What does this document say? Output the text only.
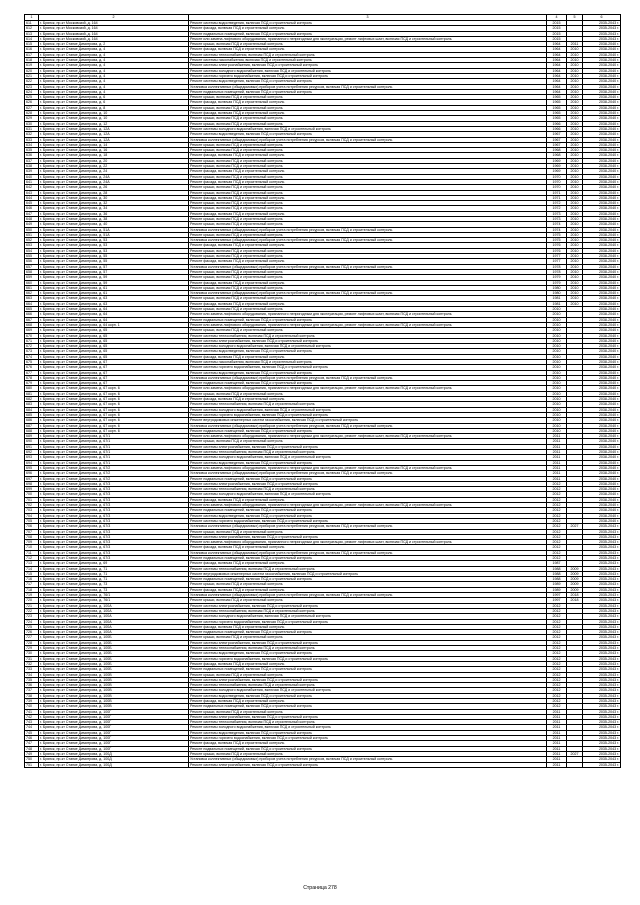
1	2	3	4	5	6
611	г. Брянск, пр-кт Московский, д. 164	Ремонт системы водоотведения, включая ПСД и строительный контроль	2015		2035-2043 г.
612	г. Брянск, пр-кт Московский, д. 164	Ремонт фасада, включая ПСД и строительный контроль	2015		2035-2043 г.
613	г. Брянск, пр-кт Московский, д. 164	Ремонт подвальных помещений, включая ПСД и строительный контроль	2015		2035-2043 г.
614	г. Брянск, пр-кт Московский, д. 164	Ремонт или замена лифтового оборудования, признанного непригодным для эксплуатации, ремонт лифтовых шахт, включая ПСД и строительный контроль	2015		2035-2043 г.
615	г. Брянск, пр-кт Станке Димитрова, д. 2	Ремонт крыши, включая ПСД и строительный контроль	1964	2011	2038-2040 г.
616	г. Брянск, пр-кт Станке Димитрова, д. 4	Ремонт фасада, включая ПСД и строительный контроль	1964	2010	2038-2040 г.
617	г. Брянск, пр-кт Станке Димитрова, д. 4	Ремонт системы теплоснабжения, включая ПСД и строительный контроль	1964	2010	2038-2040 г.
618	г. Брянск, пр-кт Станке Димитрова, д. 4	Ремонт системы газоснабжения, включая ПСД и строительный контроль	1964	2010	2038-2040 г.
619	г. Брянск, пр-кт Станке Димитрова, д. 4	Ремонт системы электроснабжения, включая ПСД и строительный контроль	1964	2010	2038-2040 г.
620	г. Брянск, пр-кт Станке Димитрова, д. 4	Ремонт системы холодного водоснабжения, включая ПСД и строительный контроль	1964	2010	2038-2040 г.
621	г. Брянск, пр-кт Станке Димитрова, д. 4	Ремонт системы горячего водоснабжения, включая ПСД и строительный контроль	1964	2010	2038-2040 г.
622	г. Брянск, пр-кт Станке Димитрова, д. 4	Ремонт системы водоотведения, включая ПСД и строительный контроль	1964	2010	2038-2040 г.
623	г. Брянск, пр-кт Станке Димитрова, д. 4	Установка коллективных (общедомовых) приборов учета потребления ресурсов, включая ПСД и строительный контроль	1964	2010	2038-2040 г.
624	г. Брянск, пр-кт Станке Димитрова, д. 4	Ремонт подвальных помещений, включая ПСД и строительный контроль	1964	2010	2038-2040 г.
625	г. Брянск, пр-кт Станке Димитрова, д. 6	Ремонт крыши, включая ПСД и строительный контроль	1965	2010	2038-2040 г.
626	г. Брянск, пр-кт Станке Димитрова, д. 6	Ремонт фасада, включая ПСД и строительный контроль	1965	2010	2038-2040 г.
627	г. Брянск, пр-кт Станке Димитрова, д. 8	Ремонт крыши, включая ПСД и строительный контроль	1965	2010	2038-2040 г.
628	г. Брянск, пр-кт Станке Димитрова, д. 10	Ремонт фасада, включая ПСД и строительный контроль	1965	2010	2038-2040 г.
629	г. Брянск, пр-кт Станке Димитрова, д. 10	Ремонт крыши, включая ПСД и строительный контроль	1965	2010	2038-2040 г.
630	г. Брянск, пр-кт Станке Димитрова, д. 12	Ремонт крыши, включая ПСД и строительный контроль	1966	2010	2038-2040 г.
631	г. Брянск, пр-кт Станке Димитрова, д. 12А	Ремонт системы холодного водоснабжения, включая ПСД и строительный контроль	1966	2010	2038-2040 г.
632	г. Брянск, пр-кт Станке Димитрова, д. 12А	Ремонт системы водоотведения, включая ПСД и строительный контроль	1967	2010	2038-2040 г.
633	г. Брянск, пр-кт Станке Димитрова, д. 12А	Установка коллективных (общедомовых) приборов учета потребления ресурсов, включая ПСД и строительный контроль	1967	2010	2038-2040 г.
634	г. Брянск, пр-кт Станке Димитрова, д. 14	Ремонт крыши, включая ПСД и строительный контроль	1967	2010	2038-2040 г.
635	г. Брянск, пр-кт Станке Димитрова, д. 16	Ремонт крыши, включая ПСД и строительный контроль	1968	2010	2038-2040 г.
636	г. Брянск, пр-кт Станке Димитрова, д. 18	Ремонт фасада, включая ПСД и строительный контроль	1968	2010	2038-2040 г.
637	г. Брянск, пр-кт Станке Димитрова, д. 20	Ремонт крыши, включая ПСД и строительный контроль	1969	2010	2038-2040 г.
638	г. Брянск, пр-кт Станке Димитрова, д. 22	Ремонт крыши, включая ПСД и строительный контроль	1969	2010	2038-2040 г.
639	г. Брянск, пр-кт Станке Димитрова, д. 24	Ремонт фасада, включая ПСД и строительный контроль	1969	2010	2038-2040 г.
640	г. Брянск, пр-кт Станке Димитрова, д. 24А	Ремонт крыши, включая ПСД и строительный контроль	1970	2010	2038-2040 г.
641	г. Брянск, пр-кт Станке Димитрова, д. 24А	Ремонт фасада, включая ПСД и строительный контроль	1970	2010	2038-2040 г.
642	г. Брянск, пр-кт Станке Димитрова, д. 26	Ремонт крыши, включая ПСД и строительный контроль	1970	2010	2038-2040 г.
643	г. Брянск, пр-кт Станке Димитрова, д. 28	Ремонт крыши, включая ПСД и строительный контроль	1971	2010	2038-2040 г.
644	г. Брянск, пр-кт Станке Димитрова, д. 30	Ремонт фасада, включая ПСД и строительный контроль	1971	2010	2038-2040 г.
645	г. Брянск, пр-кт Станке Димитрова, д. 32	Ремонт крыши, включая ПСД и строительный контроль	1972	2010	2038-2040 г.
646	г. Брянск, пр-кт Станке Димитрова, д. 34	Ремонт крыши, включая ПСД и строительный контроль	1972	2010	2038-2040 г.
647	г. Брянск, пр-кт Станке Димитрова, д. 36	Ремонт фасада, включая ПСД и строительный контроль	1973	2010	2038-2040 г.
648	г. Брянск, пр-кт Станке Димитрова, д. 38	Ремонт крыши, включая ПСД и строительный контроль	1973	2010	2038-2040 г.
649	г. Брянск, пр-кт Станке Димитрова, д. 40	Ремонт крыши, включая ПСД и строительный контроль	1974	2010	2038-2040 г.
650	г. Брянск, пр-кт Станке Димитрова, д. 51А	Установка коллективных (общедомовых) приборов учета потребления ресурсов, включая ПСД и строительный контроль	1974	2010	2038-2040 г.
651	г. Брянск, пр-кт Станке Димитрова, д. 51А	Ремонт крыши, включая ПСД и строительный контроль	1975	2010	2038-2040 г.
652	г. Брянск, пр-кт Станке Димитрова, д. 53	Установка коллективных (общедомовых) приборов учета потребления ресурсов, включая ПСД и строительный контроль	1975	2010	2038-2040 г.
653	г. Брянск, пр-кт Станке Димитрова, д. 53	Ремонт фасада, включая ПСД и строительный контроль	1976	2010	2038-2040 г.
654	г. Брянск, пр-кт Станке Димитрова, д. 53	Ремонт крыши, включая ПСД и строительный контроль	1976	2010	2038-2040 г.
655	г. Брянск, пр-кт Станке Димитрова, д. 55	Ремонт крыши, включая ПСД и строительный контроль	1977	2010	2038-2040 г.
656	г. Брянск, пр-кт Станке Димитрова, д. 55	Ремонт фасада, включая ПСД и строительный контроль	1977	2010	2038-2040 г.
657	г. Брянск, пр-кт Станке Димитрова, д. 57	Установка коллективных (общедомовых) приборов учета потребления ресурсов, включая ПСД и строительный контроль	1978	2010	2038-2040 г.
658	г. Брянск, пр-кт Станке Димитрова, д. 57	Ремонт крыши, включая ПСД и строительный контроль	1978	2010	2038-2040 г.
659	г. Брянск, пр-кт Станке Димитрова, д. 59	Ремонт крыши, включая ПСД и строительный контроль	1979	2010	2038-2040 г.
660	г. Брянск, пр-кт Станке Димитрова, д. 59	Ремонт фасада, включая ПСД и строительный контроль	1979	2010	2038-2040 г.
661	г. Брянск, пр-кт Станке Димитрова, д. 61	Ремонт крыши, включая ПСД и строительный контроль	1980	2010	2038-2040 г.
662	г. Брянск, пр-кт Станке Димитрова, д. 61	Установка коллективных (общедомовых) приборов учета потребления ресурсов, включая ПСД и строительный контроль	1980	2010	2038-2040 г.
663	г. Брянск, пр-кт Станке Димитрова, д. 63	Ремонт крыши, включая ПСД и строительный контроль	1981	2010	2038-2040 г.
664	г. Брянск, пр-кт Станке Димитрова, д. 63	Ремонт фасада, включая ПСД и строительный контроль	1981	2010	2038-2040 г.
665	г. Брянск, пр-кт Станке Димитрова, д. 64	Ремонт крыши, включая ПСД и строительный контроль	2010		2038-2040 г.
666	г. Брянск, пр-кт Станке Димитрова, д. 64	Ремонт или замена лифтового оборудования, признанного непригодным для эксплуатации, ремонт лифтовых шахт, включая ПСД и строительный контроль	2010		2038-2040 г.
667	г. Брянск, пр-кт Станке Димитрова, д. 64	Ремонт подвальных помещений, включая ПСД и строительный контроль	2010		2038-2040 г.
668	г. Брянск, пр-кт Станке Димитрова, д. 64 корп. 1	Ремонт или замена лифтового оборудования, признанного непригодным для эксплуатации, ремонт лифтовых шахт, включая ПСД и строительный контроль	2010		2038-2040 г.
669	г. Брянск, пр-кт Станке Димитрова, д. 65	Ремонт крыши, включая ПСД и строительный контроль	2010		2038-2040 г.
670	г. Брянск, пр-кт Станке Димитрова, д. 65	Ремонт системы теплоснабжения, включая ПСД и строительный контроль	2010		2038-2040 г.
671	г. Брянск, пр-кт Станке Димитрова, д. 65	Ремонт системы электроснабжения, включая ПСД и строительный контроль	2010		2038-2040 г.
672	г. Брянск, пр-кт Станке Димитрова, д. 65	Ремонт системы холодного водоснабжения, включая ПСД и строительный контроль	2010		2038-2040 г.
673	г. Брянск, пр-кт Станке Димитрова, д. 65	Ремонт системы водоотведения, включая ПСД и строительный контроль	2010		2038-2040 г.
674	г. Брянск, пр-кт Станке Димитрова, д. 65	Ремонт фасада, включая ПСД и строительный контроль	2010		2038-2040 г.
675	г. Брянск, пр-кт Станке Димитрова, д. 67	Ремонт системы газоснабжения, включая ПСД и строительный контроль	2010		2038-2040 г.
676	г. Брянск, пр-кт Станке Димитрова, д. 67	Ремонт системы горячего водоснабжения, включая ПСД и строительный контроль	2010		2038-2040 г.
677	г. Брянск, пр-кт Станке Димитрова, д. 67	Ремонт системы водоотведения, включая ПСД и строительный контроль	2010		2038-2040 г.
678	г. Брянск, пр-кт Станке Димитрова, д. 67	Установка коллективных (общедомовых) приборов учета потребления ресурсов, включая ПСД и строительный контроль	2010		2038-2040 г.
679	г. Брянск, пр-кт Станке Димитрова, д. 67	Ремонт подвальных помещений, включая ПСД и строительный контроль	2010		2038-2040 г.
680	г. Брянск, пр-кт Станке Димитрова, д. 67 корп. 6	Ремонт или замена лифтового оборудования, признанного непригодным для эксплуатации, ремонт лифтовых шахт, включая ПСД и строительный контроль	2010		2038-2040 г.
681	г. Брянск, пр-кт Станке Димитрова, д. 67 корп. 6	Ремонт крыши, включая ПСД и строительный контроль	2010		2038-2040 г.
682	г. Брянск, пр-кт Станке Димитрова, д. 67 корп. 6	Ремонт фасада, включая ПСД и строительный контроль	2010		2038-2040 г.
683	г. Брянск, пр-кт Станке Димитрова, д. 67 корп. 6	Ремонт системы теплоснабжения, включая ПСД и строительный контроль	2010		2038-2040 г.
684	г. Брянск, пр-кт Станке Димитрова, д. 67 корп. 6	Ремонт системы холодного водоснабжения, включая ПСД и строительный контроль	2010		2038-2040 г.
685	г. Брянск, пр-кт Станке Димитрова, д. 67 корп. 6	Ремонт системы горячего водоснабжения, включая ПСД и строительный контроль	2010		2038-2040 г.
686	г. Брянск, пр-кт Станке Димитрова, д. 67 корп. 6	Ремонт внутридомовых инженерных систем газоснабжения, включая ПСД и строительный контроль	2010		2038-2040 г.
687	г. Брянск, пр-кт Станке Димитрова, д. 67 корп. 6	Установка коллективных (общедомовых) приборов учета потребления ресурсов, включая ПСД и строительный контроль	2010		2038-2040 г.
688	г. Брянск, пр-кт Станке Димитрова, д. 67 корп. 6	Ремонт подвальных помещений, включая ПСД и строительный контроль	2010		2038-2040 г.
689	г. Брянск, пр-кт Станке Димитрова, д. 67/1	Ремонт или замена лифтового оборудования, признанного непригодным для эксплуатации, ремонт лифтовых шахт, включая ПСД и строительный контроль	2011		2038-2040 г.
690	г. Брянск, пр-кт Станке Димитрова, д. 67/1	Ремонт крыши, включая ПСД и строительный контроль	2011		2038-2040 г.
691	г. Брянск, пр-кт Станке Димитрова, д. 67/1	Ремонт системы электроснабжения, включая ПСД и строительный контроль	2011		2038-2040 г.
692	г. Брянск, пр-кт Станке Димитрова, д. 67/1	Ремонт системы теплоснабжения, включая ПСД и строительный контроль	2011		2038-2040 г.
693	г. Брянск, пр-кт Станке Димитрова, д. 67/1	Ремонт системы холодного водоснабжения, включая ПСД и строительный контроль	2011		2038-2040 г.
694	г. Брянск, пр-кт Станке Димитрова, д. 67/1	Ремонт системы водоотведения, включая ПСД и строительный контроль	2011		2038-2040 г.
695	г. Брянск, пр-кт Станке Димитрова, д. 67/2	Ремонт или замена лифтового оборудования, признанного непригодным для эксплуатации, ремонт лифтовых шахт, включая ПСД и строительный контроль	2011		2038-2040 г.
696	г. Брянск, пр-кт Станке Димитрова, д. 67/2	Установка коллективных (общедомовых) приборов учета потребления ресурсов, включая ПСД и строительный контроль	2011		2038-2040 г.
697	г. Брянск, пр-кт Станке Димитрова, д. 67/2	Ремонт подвальных помещений, включая ПСД и строительный контроль	2011		2038-2040 г.
698	г. Брянск, пр-кт Станке Димитрова, д. 67/3	Ремонт системы электроснабжения, включая ПСД и строительный контроль	2012		2038-2040 г.
699	г. Брянск, пр-кт Станке Димитрова, д. 67/3	Ремонт системы теплоснабжения, включая ПСД и строительный контроль	2012		2038-2040 г.
700	г. Брянск, пр-кт Станке Димитрова, д. 67/3	Ремонт системы холодного водоснабжения, включая ПСД и строительный контроль	2012		2038-2040 г.
701	г. Брянск, пр-кт Станке Димитрова, д. 67/3	Ремонт фасада, включая ПСД и строительный контроль	2012		2038-2040 г.
702	г. Брянск, пр-кт Станке Димитрова, д. 67/3	Ремонт или замена лифтового оборудования, признанного непригодным для эксплуатации, ремонт лифтовых шахт, включая ПСД и строительный контроль	2012		2038-2040 г.
703	г. Брянск, пр-кт Станке Димитрова, д. 67/3	Ремонт подвальных помещений, включая ПСД и строительный контроль	2012		2038-2040 г.
704	г. Брянск, пр-кт Станке Димитрова, д. 67/3	Ремонт системы водоотведения, включая ПСД и строительный контроль	2012		2038-2040 г.
705	г. Брянск, пр-кт Станке Димитрова, д. 67/3	Ремонт системы горячего водоснабжения, включая ПСД и строительный контроль	2012		2038-2040 г.
706	г. Брянск, пр-кт Станке Димитрова, д. 67/3	Установка коллективных (общедомовых) приборов учета потребления ресурсов, включая ПСД и строительный контроль	2012	2027	2035-2043 г.
707	г. Брянск, пр-кт Станке Димитрова, д. 67/3	Ремонт крыши, включая ПСД и строительный контроль	2012		2035-2043 г.
708	г. Брянск, пр-кт Станке Димитрова, д. 67/3	Ремонт системы электроснабжения, включая ПСД и строительный контроль	2012		2035-2043 г.
709	г. Брянск, пр-кт Станке Димитрова, д. 67/3	Ремонт или замена лифтового оборудования, признанного непригодным для эксплуатации, ремонт лифтовых шахт, включая ПСД и строительный контроль	2012		2035-2043 г.
710	г. Брянск, пр-кт Станке Димитрова, д. 67/3	Ремонт фасада, включая ПСД и строительный контроль	2012		2035-2043 г.
711	г. Брянск, пр-кт Станке Димитрова, д. 67/3	Установка коллективных (общедомовых) приборов учета потребления ресурсов, включая ПСД и строительный контроль	2012		2035-2043 г.
712	г. Брянск, пр-кт Станке Димитрова, д. 67/3	Ремонт подвальных помещений, включая ПСД и строительный контроль	2012		2035-2043 г.
713	г. Брянск, пр-кт Станке Димитрова, д. 69	Ремонт фасада, включая ПСД и строительный контроль	1987		2035-2043 г.
714	г. Брянск, пр-кт Станке Димитрова, д. 71	Ремонт системы теплоснабжения, включая ПСД и строительный контроль	1988	2009	2035-2043 г.
715	г. Брянск, пр-кт Станке Димитрова, д. 71	Ремонт внутридомовых инженерных систем газоснабжения, включая ПСД и строительный контроль	1988	2009	2035-2043 г.
716	г. Брянск, пр-кт Станке Димитрова, д. 71	Ремонт подвальных помещений, включая ПСД и строительный контроль	1988	2009	2035-2043 г.
717	г. Брянск, пр-кт Станке Димитрова, д. 73	Ремонт крыши, включая ПСД и строительный контроль	1989	2009	2035-2043 г.
718	г. Брянск, пр-кт Станке Димитрова, д. 73	Ремонт фасада, включая ПСД и строительный контроль	1989	2009	2035-2043 г.
719	г. Брянск, пр-кт Станке Димитрова, д. 76/1	Установка коллективных (общедомовых) приборов учета потребления ресурсов, включая ПСД и строительный контроль	1997	2018	2035-2043 г.
720	г. Брянск, пр-кт Станке Димитрова, д. 76/1	Ремонт крыши, включая ПСД и строительный контроль	1997	2018	2035-2043 г.
721	г. Брянск, пр-кт Станке Димитрова, д. 100А	Ремонт системы электроснабжения, включая ПСД и строительный контроль	2012		2035-2043 г.
722	г. Брянск, пр-кт Станке Димитрова, д. 100А	Ремонт системы теплоснабжения, включая ПСД и строительный контроль	2012		2035-2043 г.
723	г. Брянск, пр-кт Станке Димитрова, д. 100А	Ремонт системы холодного водоснабжения, включая ПСД и строительный контроль	2012		2035-2043 г.
724	г. Брянск, пр-кт Станке Димитрова, д. 100А	Ремонт системы горячего водоснабжения, включая ПСД и строительный контроль	2012		2035-2043 г.
725	г. Брянск, пр-кт Станке Димитрова, д. 100А	Ремонт фасада, включая ПСД и строительный контроль	2012		2035-2043 г.
726	г. Брянск, пр-кт Станке Димитрова, д. 100А	Ремонт подвальных помещений, включая ПСД и строительный контроль	2012		2035-2043 г.
727	г. Брянск, пр-кт Станке Димитрова, д. 100Б	Ремонт крыши, включая ПСД и строительный контроль	2012		2035-2043 г.
728	г. Брянск, пр-кт Станке Димитрова, д. 100Б	Ремонт системы электроснабжения, включая ПСД и строительный контроль	2012		2035-2043 г.
729	г. Брянск, пр-кт Станке Димитрова, д. 100Б	Ремонт системы теплоснабжения, включая ПСД и строительный контроль	2012		2035-2043 г.
730	г. Брянск, пр-кт Станке Димитрова, д. 100Б	Ремонт системы водоотведения, включая ПСД и строительный контроль	2012		2035-2043 г.
731	г. Брянск, пр-кт Станке Димитрова, д. 100Б	Ремонт системы горячего водоснабжения, включая ПСД и строительный контроль	2012		2035-2043 г.
732	г. Брянск, пр-кт Станке Димитрова, д. 100Б	Ремонт фасада, включая ПСД и строительный контроль	2012		2035-2043 г.
733	г. Брянск, пр-кт Станке Димитрова, д. 100Б	Ремонт подвальных помещений, включая ПСД и строительный контроль	2012		2035-2043 г.
734	г. Брянск, пр-кт Станке Димитрова, д. 100В	Ремонт крыши, включая ПСД и строительный контроль	2012		2035-2043 г.
735	г. Брянск, пр-кт Станке Димитрова, д. 100В	Ремонт системы электроснабжения, включая ПСД и строительный контроль	2012		2035-2043 г.
736	г. Брянск, пр-кт Станке Димитрова, д. 100В	Ремонт системы теплоснабжения, включая ПСД и строительный контроль	2012		2035-2043 г.
737	г. Брянск, пр-кт Станке Димитрова, д. 100В	Ремонт системы холодного водоснабжения, включая ПСД и строительный контроль	2012		2035-2043 г.
738	г. Брянск, пр-кт Станке Димитрова, д. 100В	Ремонт системы водоотведения, включая ПСД и строительный контроль	2012		2035-2043 г.
739	г. Брянск, пр-кт Станке Димитрова, д. 100В	Ремонт фасада, включая ПСД и строительный контроль	2012		2035-2043 г.
740	г. Брянск, пр-кт Станке Димитрова, д. 100В	Ремонт подвальных помещений, включая ПСД и строительный контроль	2012		2035-2043 г.
741	г. Брянск, пр-кт Станке Димитрова, д. 100Г	Ремонт крыши, включая ПСД и строительный контроль	2011		2035-2043 г.
742	г. Брянск, пр-кт Станке Димитрова, д. 100Г	Ремонт системы электроснабжения, включая ПСД и строительный контроль	2011		2035-2043 г.
743	г. Брянск, пр-кт Станке Димитрова, д. 100Г	Ремонт системы теплоснабжения, включая ПСД и строительный контроль	2011		2035-2043 г.
744	г. Брянск, пр-кт Станке Димитрова, д. 100Г	Ремонт системы холодного водоснабжения, включая ПСД и строительный контроль	2011		2035-2043 г.
745	г. Брянск, пр-кт Станке Димитрова, д. 100Г	Ремонт системы водоотведения, включая ПСД и строительный контроль	2011		2035-2043 г.
746	г. Брянск, пр-кт Станке Димитрова, д. 100Г	Ремонт системы горячего водоснабжения, включая ПСД и строительный контроль	2011		2035-2043 г.
747	г. Брянск, пр-кт Станке Димитрова, д. 100Г	Ремонт фасада, включая ПСД и строительный контроль	2011		2035-2043 г.
748	г. Брянск, пр-кт Станке Димитрова, д. 100Г	Ремонт подвальных помещений, включая ПСД и строительный контроль	2011		2035-2043 г.
749	г. Брянск, пр-кт Станке Димитрова, д. 100Д	Ремонт крыши, включая ПСД и строительный контроль	2011	2027	2035-2043 г.
750	г. Брянск, пр-кт Станке Димитрова, д. 100Д	Установка коллективных (общедомовых) приборов учета потребления ресурсов, включая ПСД и строительный контроль	2011		2035-2043 г.
751	г. Брянск, пр-кт Станке Димитрова, д. 100Д	Ремонт системы электроснабжения, включая ПСД и строительный контроль	2011		2035-2043 г.
Страница 278
